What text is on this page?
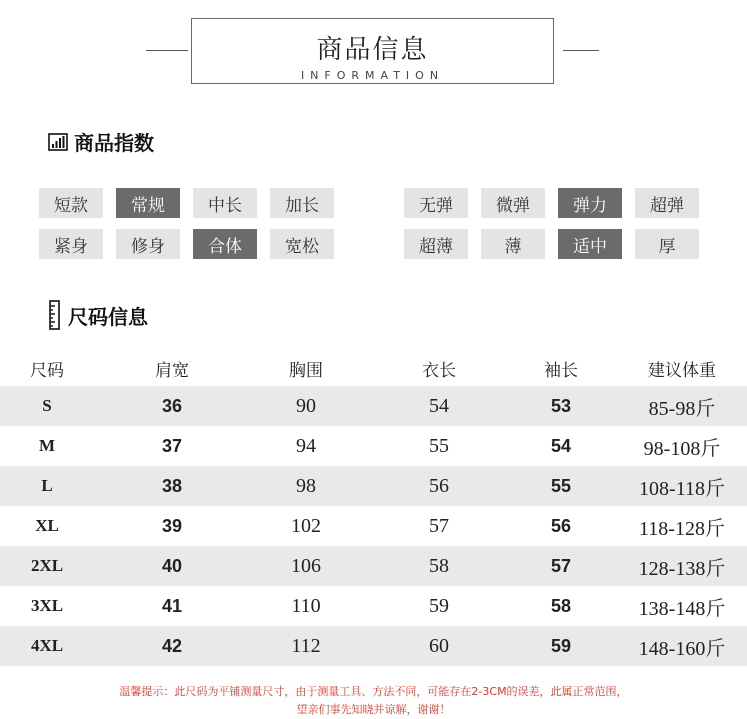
商品信息
INFORMATION
商品指数
短款	常规	中长	加长
紧身	修身	合体	宽松
无弹	微弹	弹力	超弹
超薄	薄	适中	厚
尺码信息
尺码	肩宽	胸围	衣长	袖长	建议体重
S	36	90	54	53	85-98斤
M	37	94	55	54	98-108斤
L	38	98	56	55	108-118斤
XL	39	102	57	56	118-128斤
2XL	40	106	58	57	128-138斤
3XL	41	110	59	58	138-148斤
4XL	42	112	60	59	148-160斤
温馨提示：此尺码为平铺测量尺寸，由于测量工具、方法不同，可能存在2-3CM的误差，此属正常范围，
望亲们事先知晓并谅解，谢谢！
